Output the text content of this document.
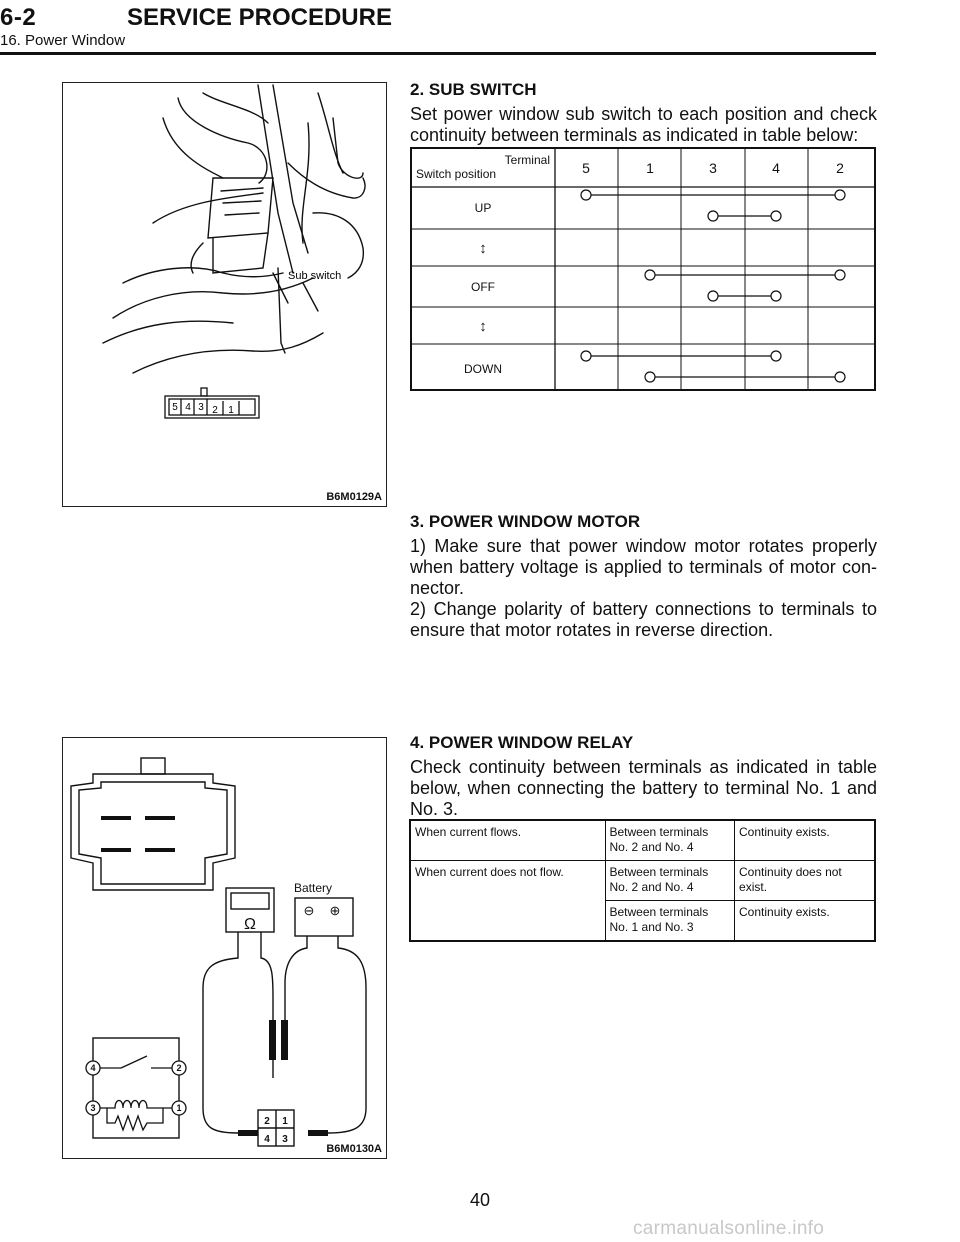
6-2	SERVICE PROCEDURE
16. Power Window
Sub switch
5 4 3 2 1
B6M0129A
2. SUB SWITCH

Set power window sub switch to each position and check continuity between terminals as indicated in table below:

Terminal
Switch position	5	1	3	4	2
UP
↕
OFF
↕
DOWN
3. POWER WINDOW MOTOR

1) Make sure that power window motor rotates properly when battery voltage is applied to terminals of motor con-nector.

2) Change polarity of battery connections to terminals to ensure that motor rotates in reverse direction.

Battery
Ω
⊖ ⊕
4	2
3	1
2 1
4 3
B6M0130A
4. POWER WINDOW RELAY

Check continuity between terminals as indicated in table below, when connecting the battery to terminal No. 1 and No. 3.

When current flows.	Between terminals No. 2 and No. 4	Continuity exists.
When current does not flow.	Between terminals No. 2 and No. 4	Continuity does not exist.
	Between terminals No. 1 and No. 3	Continuity exists.
40
carmanualsonline.info
